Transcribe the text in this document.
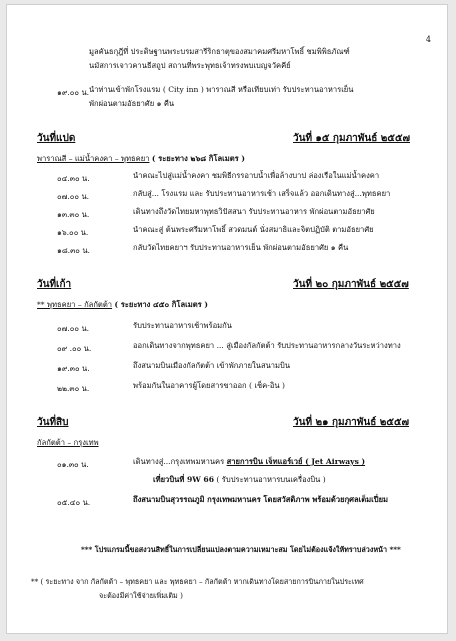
4
มูลคันธกุฎีที่ ประดิษฐานพระบรมสารีริกธาตุของสมาคมศรีมหาโพธิ์ ชมพิพิธภัณฑ์
นมัสการเจาวคานธีสถูป สถานที่พระพุทธเจ้าทรงพบเบญจวัคคีย์
๑๙.๐๐ น. นำท่านเข้าพักโรงแรม ( City inn ) พาราณสี หรือเทียบเท่า รับประทานอาหารเย็น
พักผ่อนตามอัธยาศัย ๑ คืน
วันที่แปด	วันที่ ๑๕ กุมภาพันธ์ ๒๕๕๗
พาราณสี – แม่น้ำคงคา – พุทธคยา ( ระยะทาง ๒๖๘ กิโลเมตร )
๐๔.๓๐ น.	นำคณะไปสู่แม่น้ำคงคา ชมพิธีกรรอาบน้ำเพื่อล้างบาป ล่องเรือในแม่น้ำคงคา
๐๗.๐๐ น.	กลับสู่... โรงแรม และ รับประทานอาหารเช้า เสร็จแล้ว ออกเดินทางสู่...พุทธคยา
๑๓.๓๐ น.	เดินทางถึงวัดไทยมหาพุทธวิปัสสนา รับประทานอาหาร พักผ่อนตามอัธยาศัย
๑๖.๐๐ น.	นำคณะสู่ ต้นพระศรีมหาโพธิ์ สวดมนต์ นั่งสมาธิและจิตปฏิบัติ ตามอัธยาศัย
๑๘.๓๐ น.	กลับวัดไทยคยาฯ รับประทานอาหารเย็น พักผ่อนตามอัธยาศัย ๑ คืน
วันที่เก้า	วันที่ ๒๐ กุมภาพันธ์ ๒๕๕๗
** พุทธคยา – กัลกัตต้า ( ระยะทาง ๔๕๐ กิโลเมตร )
๐๗.๐๐ น.	รับประทานอาหารเช้าพร้อมกัน
๐๙ .๐๐ น.	ออกเดินทางจากพุทธคยา ... สู่เมืองกัลกัตต้า รับประทานอาหารกลางวันระหว่างทาง
๑๙.๓๐ น.	ถึงสนามบินเมืองกัลกัตต้า เข้าพักภายในสนามบิน
๒๒.๓๐ น.	พร้อมกันในอาคารผู้โดยสารขาออก ( เช็ค-อิน )
วันที่สิบ	วันที่ ๒๑ กุมภาพันธ์ ๒๕๕๗
กัลกัตต้า – กรุงเทพ
๐๑.๓๐ น.	เดินทางสู่...กรุงเทพมหานคร สายการบิน เจ็ทแอร์เวย์ ( Jet Airways )
เที่ยวบินที่ 9W 66 ( รับประทานอาหารบนเครื่องบิน )
๐๕.๔๐ น.	ถึงสนามบินสุวรรณภูมิ กรุงเทพมหานคร โดยสวัสดิภาพ พร้อมด้วยกุศลเต็มเปี่ยม
*** โปรแกรมนี้ขอสงวนสิทธิ์ในการเปลี่ยนแปลงตามความเหมาะสม โดยไม่ต้องแจ้งให้ทราบล่วงหน้า ***
** ( ระยะทาง จาก กัลกัตต้า – พุทธคยา และ พุทธคยา – กัลกัตต้า หากเดินทางโดยสายการบินภายในประเทศ
จะต้องมีค่าใช้จ่ายเพิ่มเติม )
